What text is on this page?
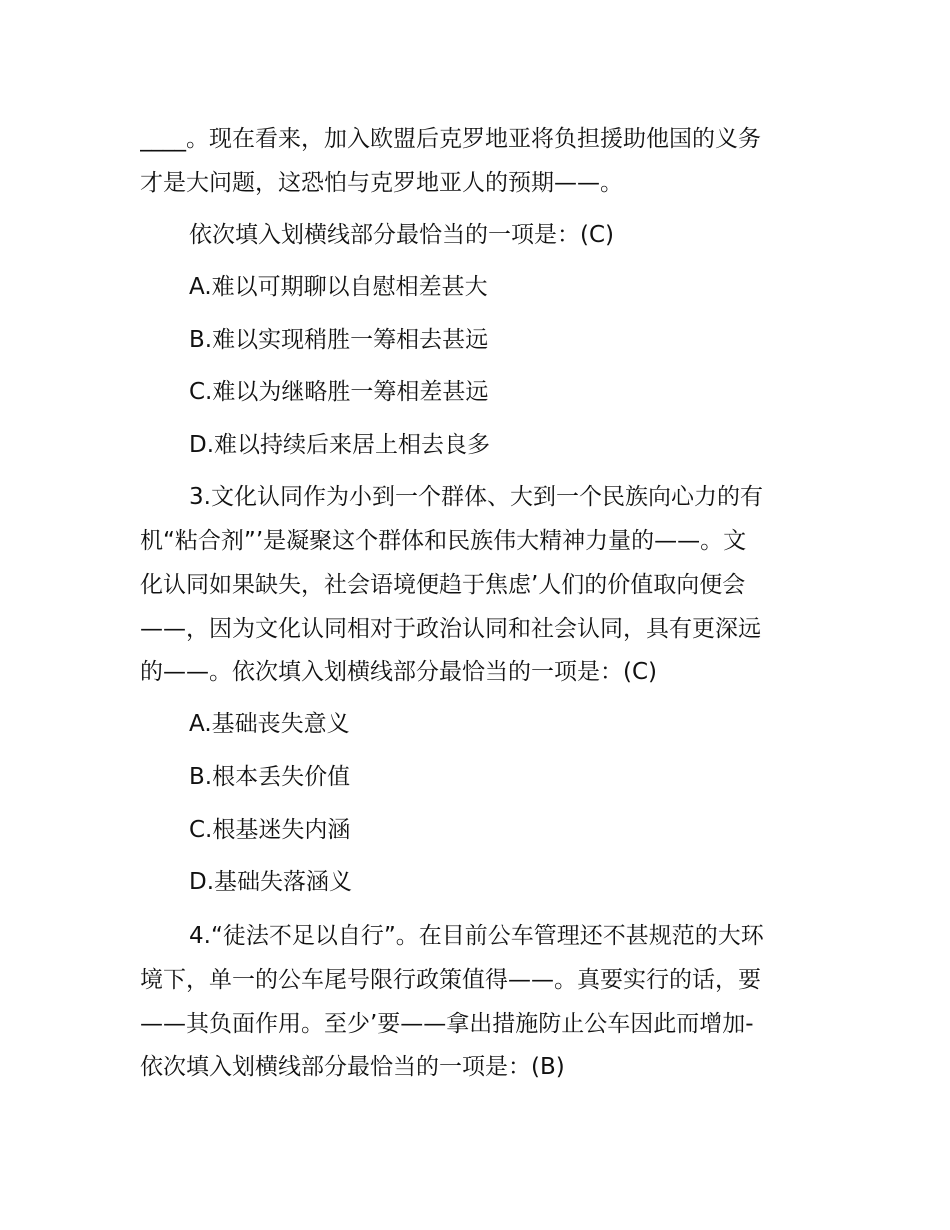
____。现在看来，加入欧盟后克罗地亚将负担援助他国的义务
才是大问题，这恐怕与克罗地亚人的预期——。
依次填入划横线部分最恰当的一项是：(C)
A.难以可期聊以自慰相差甚大
B.难以实现稍胜一筹相去甚远
C.难以为继略胜一筹相差甚远
D.难以持续后来居上相去良多
3.文化认同作为小到一个群体、大到一个民族向心力的有
机“粘合剂”’是凝聚这个群体和民族伟大精神力量的——。文
化认同如果缺失，社会语境便趋于焦虑’人们的价值取向便会
——，因为文化认同相对于政治认同和社会认同，具有更深远
的——。依次填入划横线部分最恰当的一项是：(C)
A.基础丧失意义
B.根本丢失价值
C.根基迷失内涵
D.基础失落涵义
4.“徒法不足以自行”。在目前公车管理还不甚规范的大环
境下，单一的公车尾号限行政策值得——。真要实行的话，要
——其负面作用。至少’要——拿出措施防止公车因此而增加-
依次填入划横线部分最恰当的一项是：(B)
